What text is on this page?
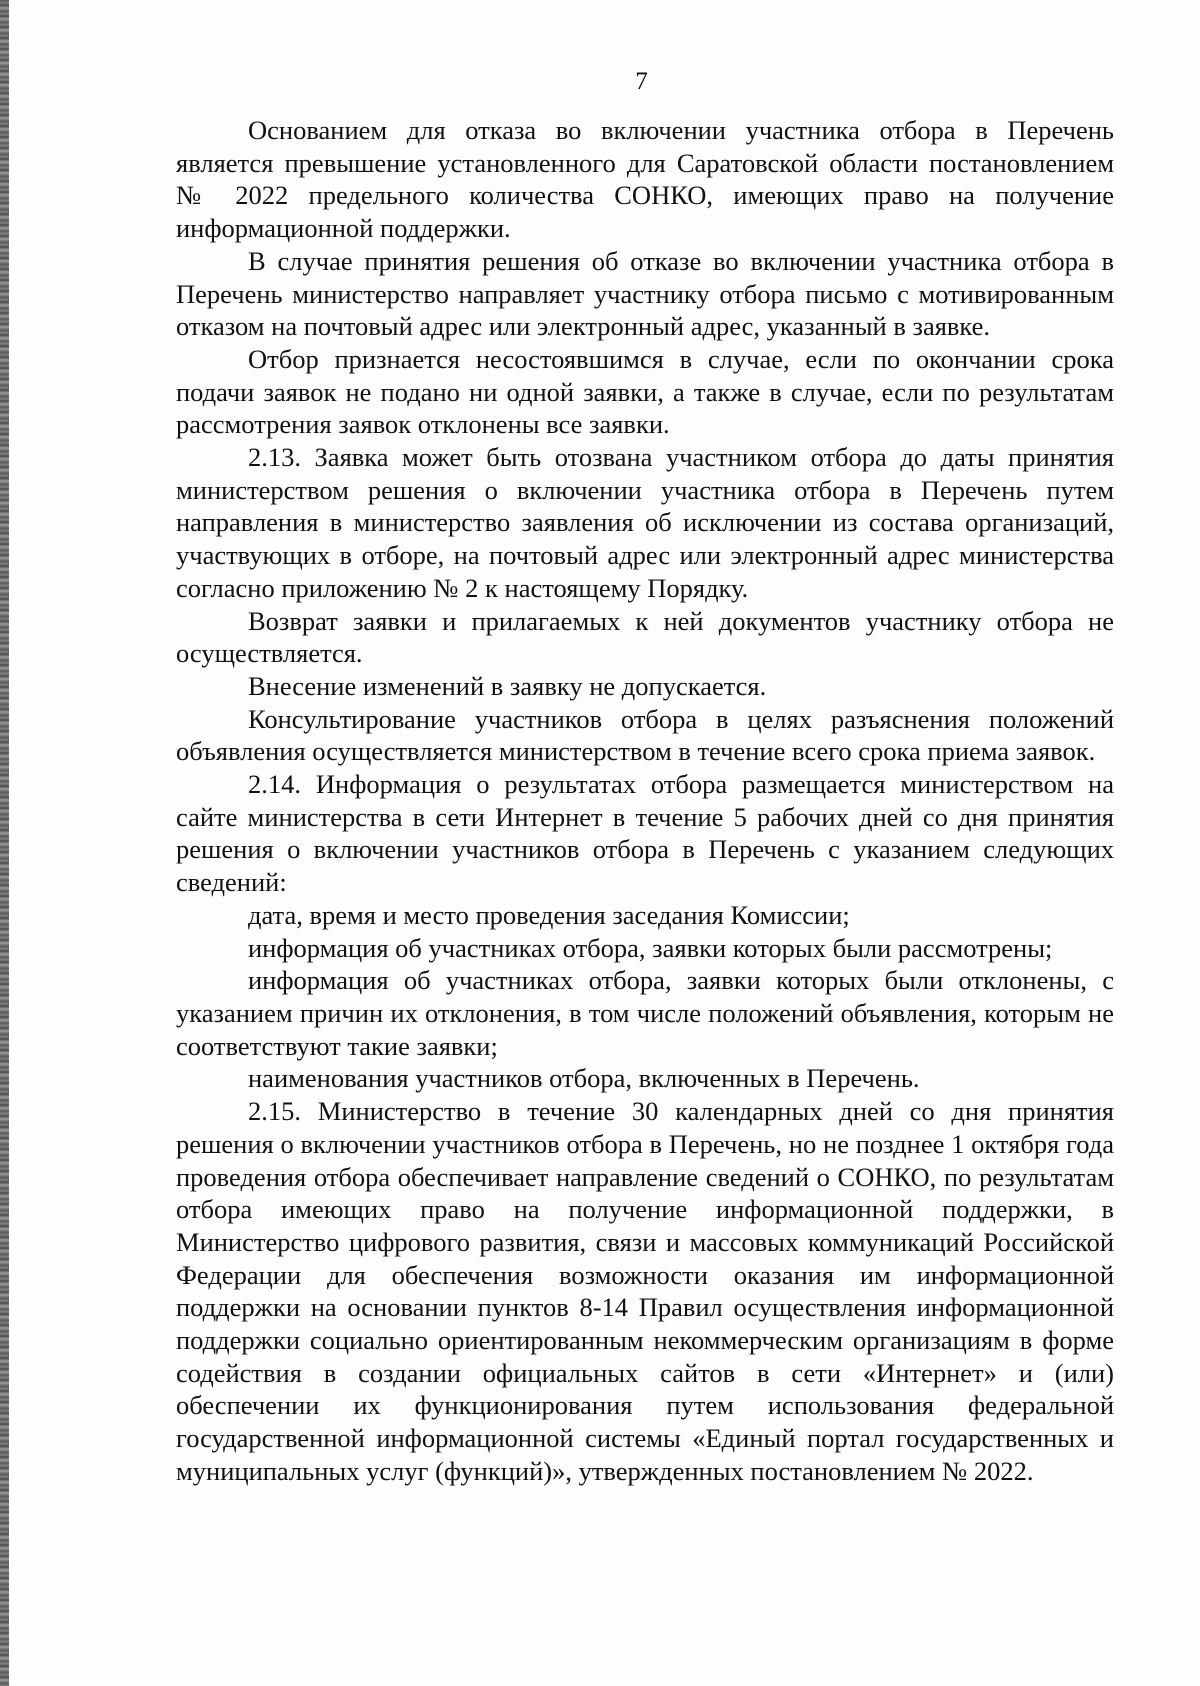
7

Основанием для отказа во включении участника отбора в Перечень является превышение установленного для Саратовской области постановлением № 2022 предельного количества СОНКО, имеющих право на получение информационной поддержки.

В случае принятия решения об отказе во включении участника отбора в Перечень министерство направляет участнику отбора письмо с мотивированным отказом на почтовый адрес или электронный адрес, указанный в заявке.

Отбор признается несостоявшимся в случае, если по окончании срока подачи заявок не подано ни одной заявки, а также в случае, если по результатам рассмотрения заявок отклонены все заявки.

2.13. Заявка может быть отозвана участником отбора до даты принятия министерством решения о включении участника отбора в Перечень путем направления в министерство заявления об исключении из состава организаций, участвующих в отборе, на почтовый адрес или электронный адрес министерства согласно приложению № 2 к настоящему Порядку.

Возврат заявки и прилагаемых к ней документов участнику отбора не осуществляется.

Внесение изменений в заявку не допускается.

Консультирование участников отбора в целях разъяснения положений объявления осуществляется министерством в течение всего срока приема заявок.

2.14. Информация о результатах отбора размещается министерством на сайте министерства в сети Интернет в течение 5 рабочих дней со дня принятия решения о включении участников отбора в Перечень с указанием следующих сведений:

дата, время и место проведения заседания Комиссии;

информация об участниках отбора, заявки которых были рассмотрены;

информация об участниках отбора, заявки которых были отклонены, с указанием причин их отклонения, в том числе положений объявления, которым не соответствуют такие заявки;

наименования участников отбора, включенных в Перечень.

2.15. Министерство в течение 30 календарных дней со дня принятия решения о включении участников отбора в Перечень, но не позднее 1 октября года проведения отбора обеспечивает направление сведений о СОНКО, по результатам отбора имеющих право на получение информационной поддержки, в Министерство цифрового развития, связи и массовых коммуникаций Российской Федерации для обеспечения возможности оказания им информационной поддержки на основании пунктов 8-14 Правил осуществления информационной поддержки социально ориентированным некоммерческим организациям в форме содействия в создании официальных сайтов в сети «Интернет» и (или) обеспечении их функционирования путем использования федеральной государственной информационной системы «Единый портал государственных и муниципальных услуг (функций)», утвержденных постановлением № 2022.
